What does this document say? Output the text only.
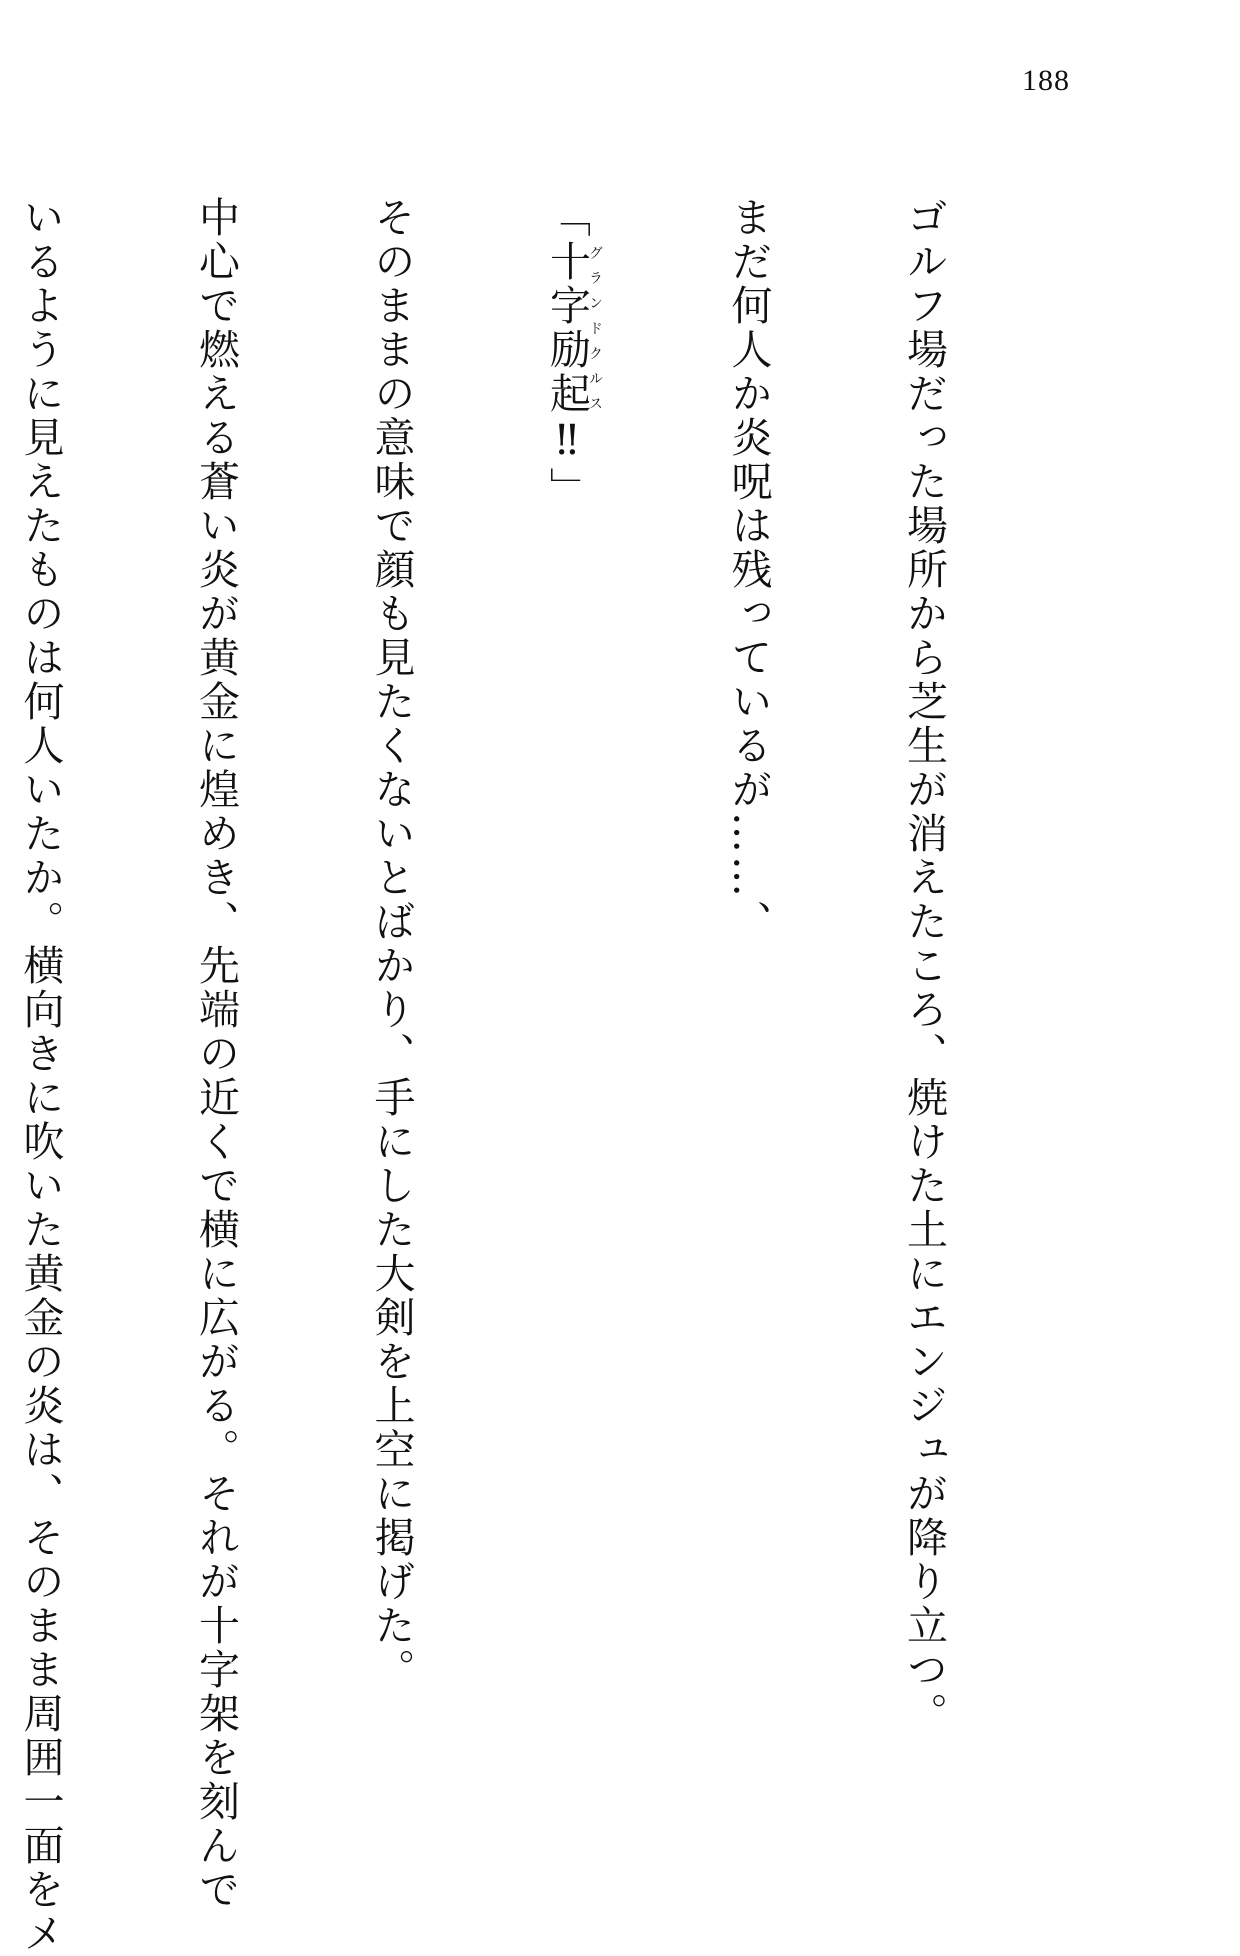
188

ゴルフ場だった場所から芝生が消えたころ、焼けた土にエンジュが降り立つ。

まだ何人か炎呪は残っているが……、

「十字励起グランドクルス‼」

そのままの意味で顔も見たくないとばかり、手にした大剣を上空に掲げた。

中心で燃える蒼い炎が黄金に煌めき、先端の近くで横に広がる。それが十字架を刻んで

いるように見えたものは何人いたか。横向きに吹いた黄金の炎は、そのまま周囲一面をメ
